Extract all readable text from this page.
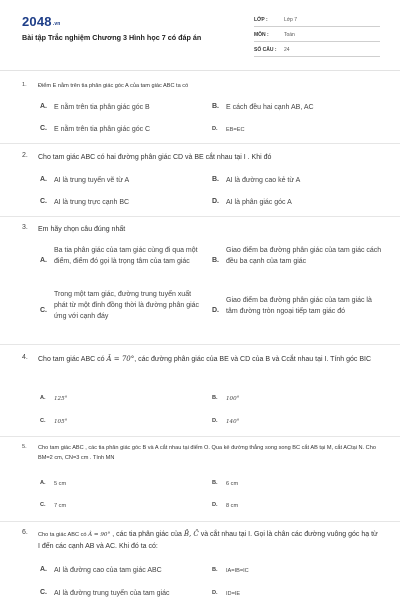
2048.vn
Bài tập Trắc nghiệm Chương 3 Hình học 7 có đáp án
LỚP :	Lớp 7
MÔN :	Toán
SỐ CÂU : 24
1. Điểm E nằm trên tia phân giác góc A của tam giác ABC ta có
A. E nằm trên tia phân giác góc B	B. E cách đều hai cạnh AB, AC
C. E nằm trên tia phân giác góc C	D. EB=EC
2. Cho tam giác ABC có hai đường phân giác CD và BE cắt nhau tại I . Khi đó
A. AI là trung tuyến vẽ từ A	B. AI là đường cao kẻ từ A
C. AI là trung trực cạnh BC	D. AI là phân giác góc A
3. Em hãy chọn câu đúng nhất
A.
Ba tia phân giác của tam giác cùng đi qua một điểm, điểm đó gọi là trọng tâm của tam giác	B.
Giao điểm ba đường phân giác của tam giác cách đều ba cạnh của tam giác
C.
Trong một tam giác, đường trung tuyến xuất phát từ một đỉnh đồng thời là đường phân giác ứng với cạnh đáy
D.
Giao điểm ba đường phân giác của tam giác là tâm đường tròn ngoại tiếp tam giác đó
4. Cho tam giác ABC có Â = 70°, các đường phân giác của BE và CD của B và Ccắt nhau tại I. Tính góc BIC
A. 125°	B. 100°
C. 105°	D. 140°
5. Cho tam giác ABC , các tia phân giác góc B và A cắt nhau tại điểm O. Qua kẻ đường thẳng song song BC cắt AB tại M, cắt ACtại N. Cho BM=2 cm, CN=3 cm . Tính MN
A. 5 cm	B. 6 cm
C. 7 cm	D. 8 cm
6. Cho ta giác ABC có Â = 90° , các tia phân giác của B̂, Ĉ và cắt nhau tại I. Gọi là chân các đường vuông góc hạ từ I đến các cạnh AB và AC. Khi đó ta có:
A. AI là đường cao của tam giác ABC	B. IA=IB=IC
C. AI là đường trung tuyến của tam giác	D. ID=IE
